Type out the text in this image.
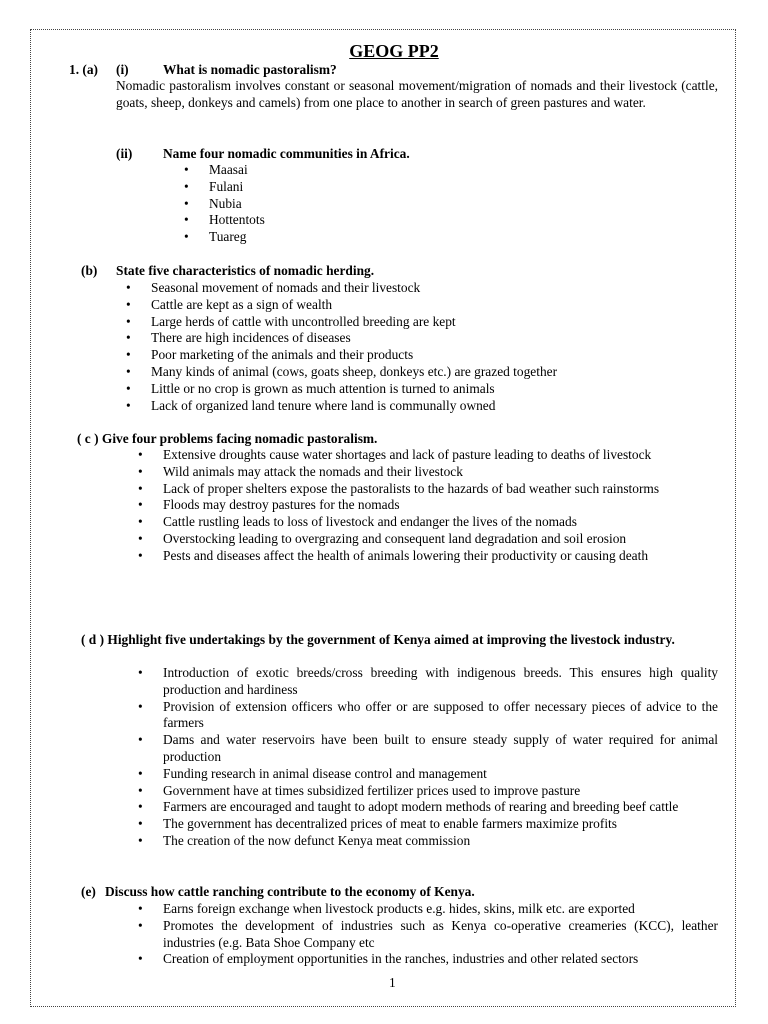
GEOG PP2
1. (a) (i)	What is nomadic pastoralism?
Nomadic pastoralism involves constant or seasonal movement/migration of nomads and their livestock (cattle, goats, sheep, donkeys and camels) from one place to another in search of green pastures and water.
(ii) Name four nomadic communities in Africa.
• Maasai
• Fulani
• Nubia
• Hottentots
• Tuareg
(b) State five characteristics of nomadic herding.
• Seasonal movement of nomads and their livestock
• Cattle are kept as a sign of wealth
• Large herds of cattle with uncontrolled breeding are kept
• There are high incidences of diseases
• Poor marketing of the animals and their products
• Many kinds of animal (cows, goats sheep, donkeys etc.) are grazed together
• Little or no crop is grown as much attention is turned to animals
• Lack of organized land tenure where land is communally owned
( c ) Give four problems facing nomadic pastoralism.
• Extensive droughts cause water shortages and lack of pasture leading to deaths of livestock
• Wild animals may attack the nomads and their livestock
• Lack of proper shelters expose the pastoralists to the hazards of bad weather such rainstorms
• Floods may destroy pastures for the nomads
• Cattle rustling leads to loss of livestock and endanger the lives of the nomads
• Overstocking leading to overgrazing and consequent land degradation and soil erosion
• Pests and diseases affect the health of animals lowering their productivity or causing death
( d ) Highlight five undertakings by the government of Kenya aimed at improving the livestock industry.
• Introduction of exotic breeds/cross breeding with indigenous breeds. This ensures high quality production and hardiness
• Provision of extension officers who offer or are supposed to offer necessary pieces of advice to the farmers
• Dams and water reservoirs have been built to ensure steady supply of water required for animal production
• Funding research in animal disease control and management
• Government have at times subsidized fertilizer prices used to improve pasture
• Farmers are encouraged and taught to adopt modern methods of rearing and breeding beef cattle
• The government has decentralized prices of meat to enable farmers maximize profits
• The creation of the now defunct Kenya meat commission
(e) Discuss how cattle ranching contribute to the economy of Kenya.
• Earns foreign exchange when livestock products e.g. hides, skins, milk etc. are exported
• Promotes the development of industries such as Kenya co-operative creameries (KCC), leather industries (e.g. Bata Shoe Company etc
• Creation of employment opportunities in the ranches, industries and other related sectors
1
